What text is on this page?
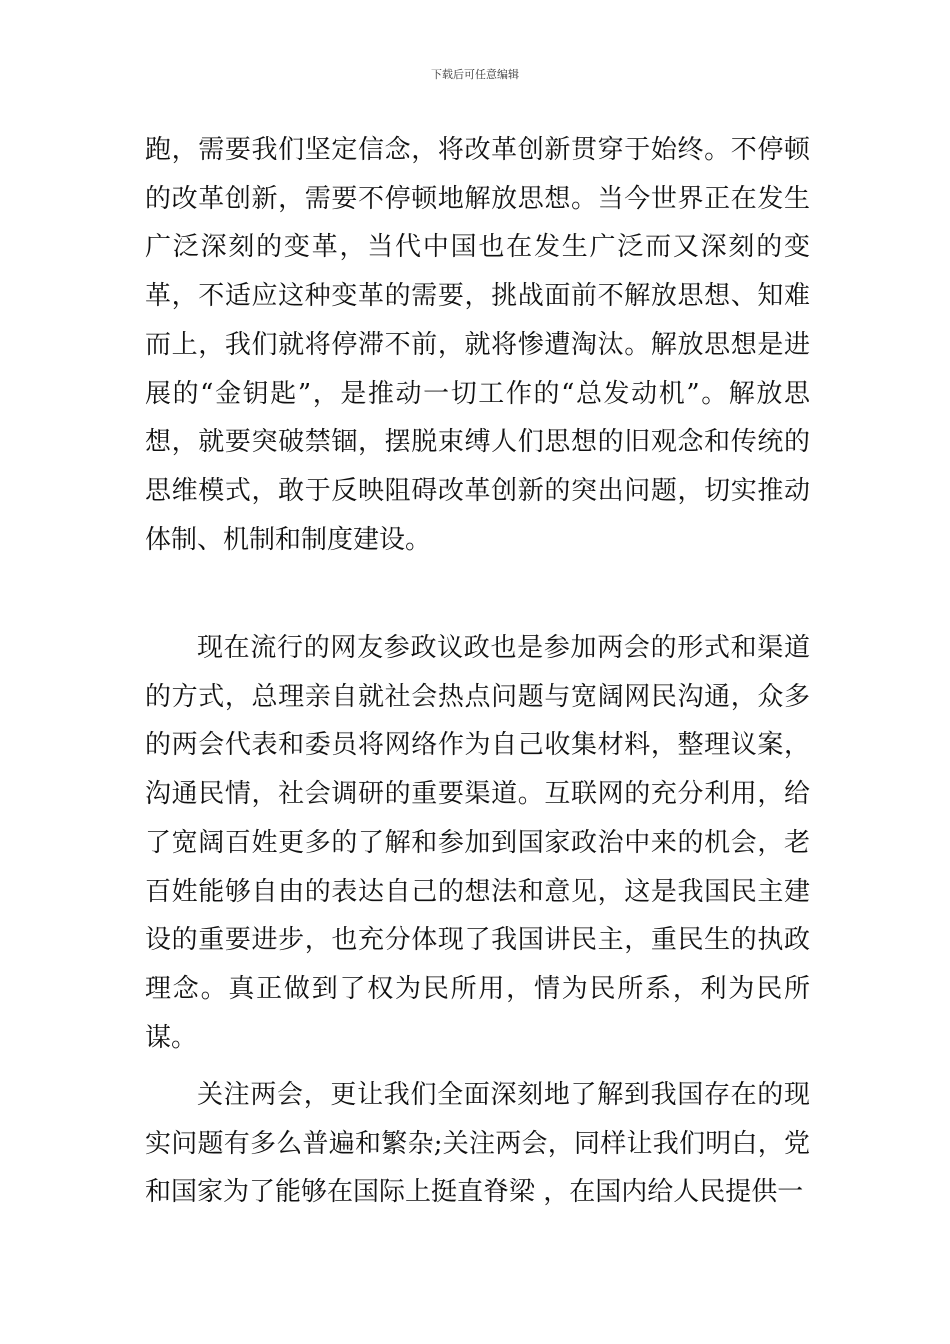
下载后可任意编辑

跑，需要我们坚定信念，将改革创新贯穿于始终。不停顿的改革创新，需要不停顿地解放思想。当今世界正在发生广泛深刻的变革，当代中国也在发生广泛而又深刻的变革，不适应这种变革的需要，挑战面前不解放思想、知难而上，我们就将停滞不前，就将惨遭淘汰。解放思想是进展的“金钥匙”，是推动一切工作的“总发动机”。解放思想，就要突破禁锢，摆脱束缚人们思想的旧观念和传统的思维模式，敢于反映阻碍改革创新的突出问题，切实推动体制、机制和制度建设。

现在流行的网友参政议政也是参加两会的形式和渠道的方式，总理亲自就社会热点问题与宽阔网民沟通，众多的两会代表和委员将网络作为自己收集材料，整理议案，沟通民情，社会调研的重要渠道。互联网的充分利用，给了宽阔百姓更多的了解和参加到国家政治中来的机会，老百姓能够自由的表达自己的想法和意见，这是我国民主建设的重要进步，也充分体现了我国讲民主，重民生的执政理念。真正做到了权为民所用，情为民所系，利为民所谋。

关注两会，更让我们全面深刻地了解到我国存在的现实问题有多么普遍和繁杂;关注两会，同样让我们明白，党和国家为了能够在国际上挺直脊梁 ，在国内给人民提供一
